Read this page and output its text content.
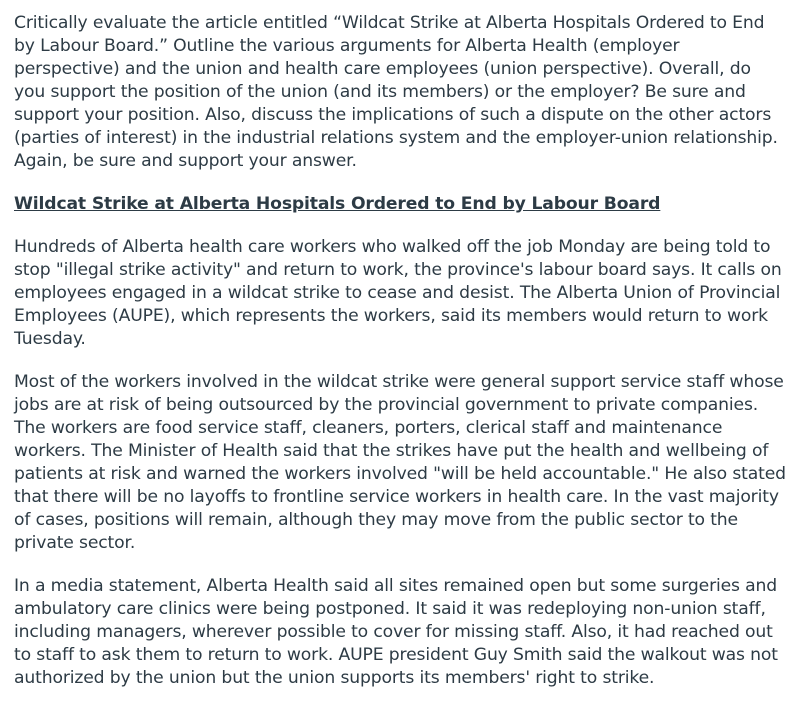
Critically evaluate the article entitled “Wildcat Strike at Alberta Hospitals Ordered to End by Labour Board.” Outline the various arguments for Alberta Health (employer perspective) and the union and health care employees (union perspective). Overall, do you support the position of the union (and its members) or the employer? Be sure and support your position. Also, discuss the implications of such a dispute on the other actors (parties of interest) in the industrial relations system and the employer-union relationship. Again, be sure and support your answer.

Wildcat Strike at Alberta Hospitals Ordered to End by Labour Board

Hundreds of Alberta health care workers who walked off the job Monday are being told to stop "illegal strike activity" and return to work, the province's labour board says. It calls on employees engaged in a wildcat strike to cease and desist. The Alberta Union of Provincial Employees (AUPE), which represents the workers, said its members would return to work Tuesday.

Most of the workers involved in the wildcat strike were general support service staff whose jobs are at risk of being outsourced by the provincial government to private companies. The workers are food service staff, cleaners, porters, clerical staff and maintenance workers. The Minister of Health said that the strikes have put the health and wellbeing of patients at risk and warned the workers involved "will be held accountable." He also stated that there will be no layoffs to frontline service workers in health care. In the vast majority of cases, positions will remain, although they may move from the public sector to the private sector.

In a media statement, Alberta Health said all sites remained open but some surgeries and ambulatory care clinics were being postponed. It said it was redeploying non-union staff, including managers, wherever possible to cover for missing staff. Also, it had reached out to staff to ask them to return to work. AUPE president Guy Smith said the walkout was not authorized by the union but the union supports its members' right to strike.
